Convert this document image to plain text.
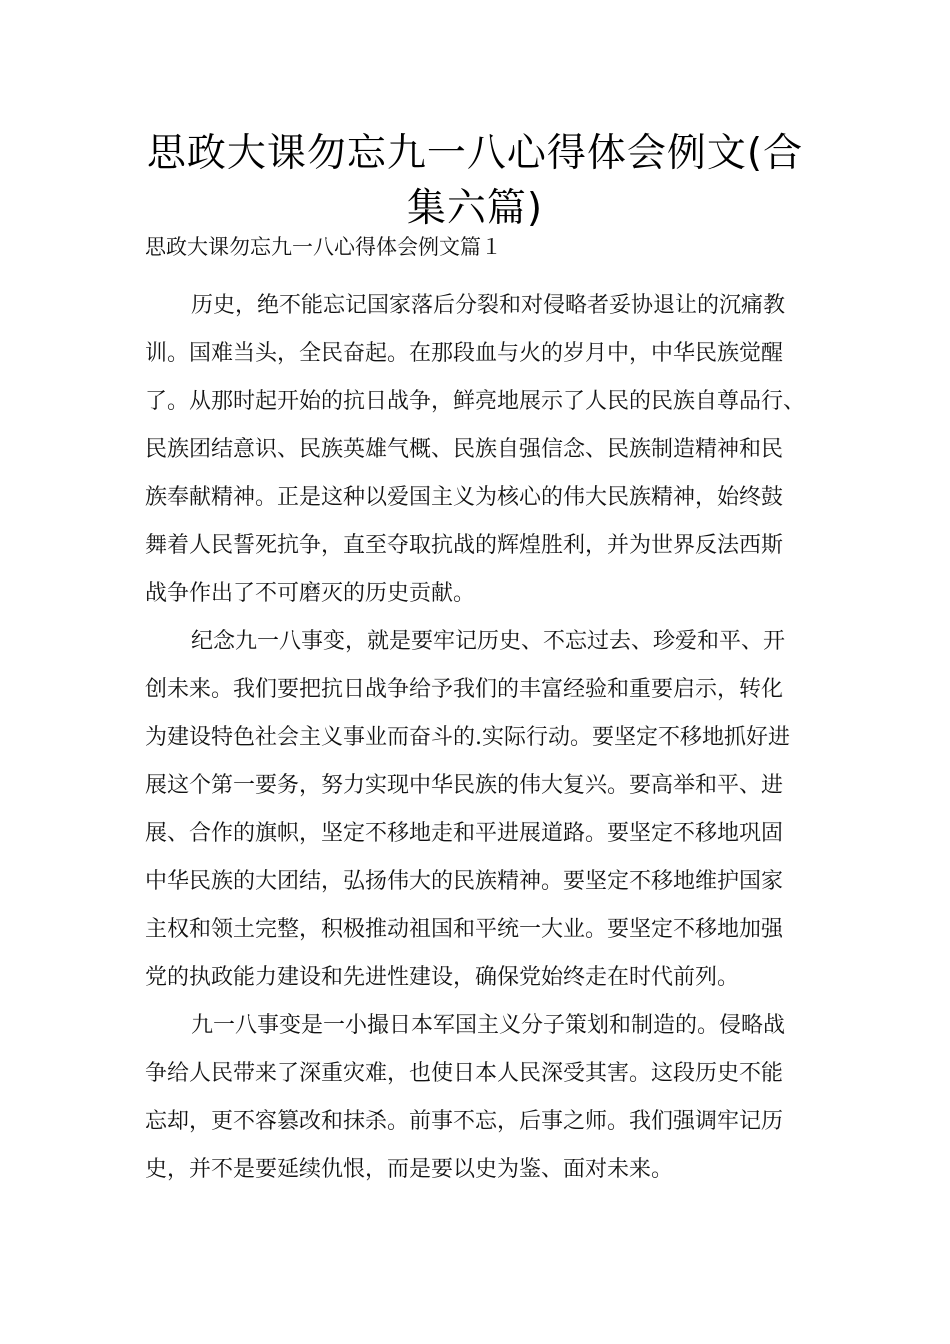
思政大课勿忘九一八心得体会例文(合
集六篇)
思政大课勿忘九一八心得体会例文篇１

历史，绝不能忘记国家落后分裂和对侵略者妥协退让的沉痛教
训。国难当头，全民奋起。在那段血与火的岁月中，中华民族觉醒
了。从那时起开始的抗日战争，鲜亮地展示了人民的民族自尊品行、
民族团结意识、民族英雄气概、民族自强信念、民族制造精神和民
族奉献精神。正是这种以爱国主义为核心的伟大民族精神，始终鼓
舞着人民誓死抗争，直至夺取抗战的辉煌胜利，并为世界反法西斯
战争作出了不可磨灭的历史贡献。

纪念九一八事变，就是要牢记历史、不忘过去、珍爱和平、开
创未来。我们要把抗日战争给予我们的丰富经验和重要启示，转化
为建设特色社会主义事业而奋斗的.实际行动。要坚定不移地抓好进
展这个第一要务，努力实现中华民族的伟大复兴。要高举和平、进
展、合作的旗帜，坚定不移地走和平进展道路。要坚定不移地巩固
中华民族的大团结，弘扬伟大的民族精神。要坚定不移地维护国家
主权和领土完整，积极推动祖国和平统一大业。要坚定不移地加强
党的执政能力建设和先进性建设，确保党始终走在时代前列。

九一八事变是一小撮日本军国主义分子策划和制造的。侵略战
争给人民带来了深重灾难，也使日本人民深受其害。这段历史不能
忘却，更不容篡改和抹杀。前事不忘，后事之师。我们强调牢记历
史，并不是要延续仇恨，而是要以史为鉴、面对未来。
